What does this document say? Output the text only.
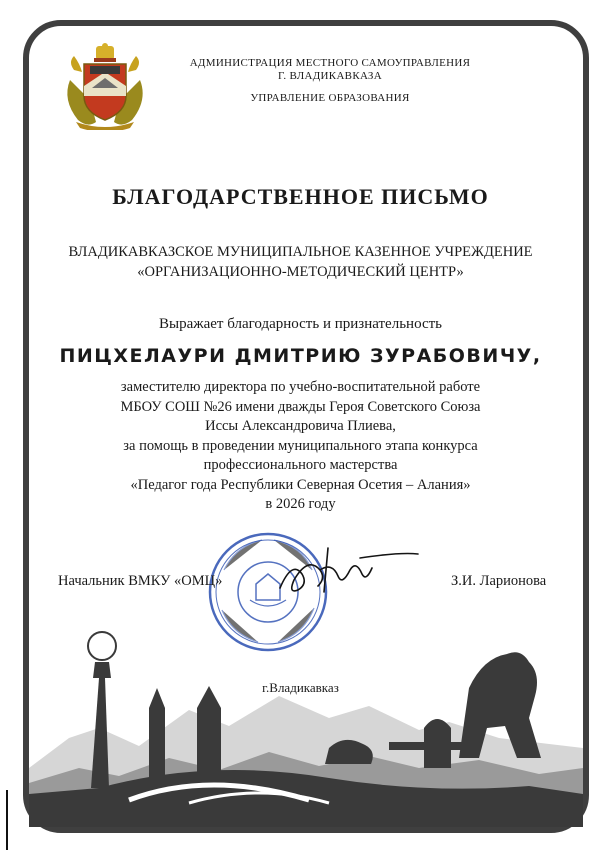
АДМИНИСТРАЦИЯ МЕСТНОГО САМОУПРАВЛЕНИЯ
Г. ВЛАДИКАВКАЗА
УПРАВЛЕНИЕ ОБРАЗОВАНИЯ
БЛАГОДАРСТВЕННОЕ ПИСЬМО
ВЛАДИКАВКАЗСКОЕ МУНИЦИПАЛЬНОЕ КАЗЕННОЕ УЧРЕЖДЕНИЕ
«ОРГАНИЗАЦИОННО-МЕТОДИЧЕСКИЙ ЦЕНТР»
Выражает благодарность и признательность
ПИЦХЕЛАУРИ ДМИТРИЮ ЗУРАБОВИЧУ,
заместителю директора по учебно-воспитательной работе
МБОУ СОШ №26 имени дважды Героя Советского Союза
Иссы Александровича Плиева,
за помощь в проведении муниципального этапа конкурса
профессионального мастерства
«Педагог года Республики Северная Осетия – Алания»
в 2026 году
Начальник ВМКУ «ОМЦ»	З.И. Ларионова
г.Владикавказ
